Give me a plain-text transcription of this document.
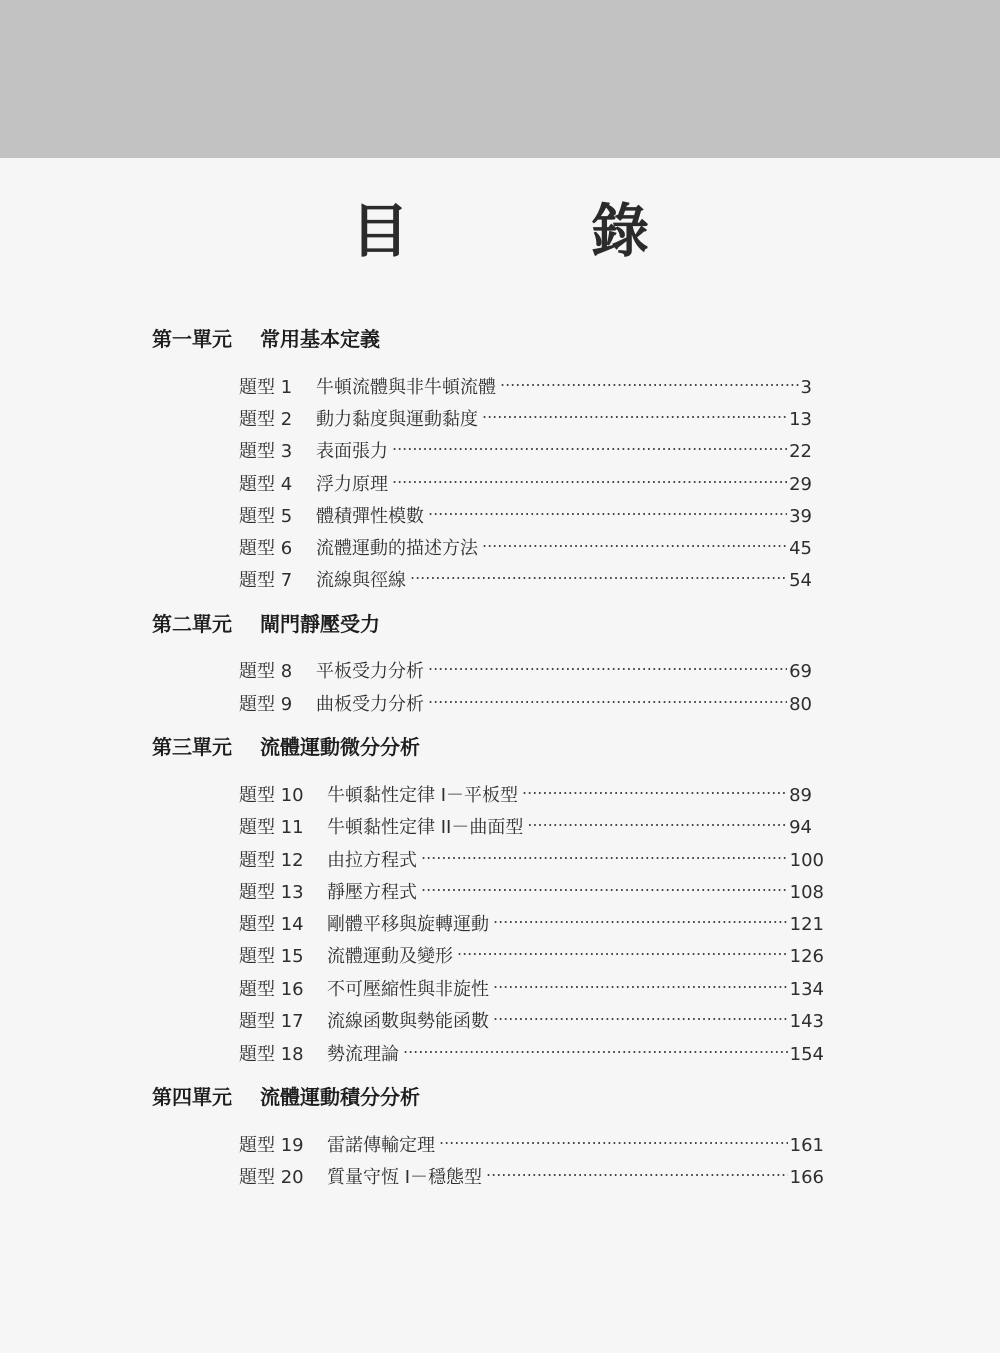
目　錄
第一單元 常用基本定義
題型 1	牛頓流體與非牛頓流體 .....	3
題型 2	動力黏度與運動黏度 .....	13
題型 3	表面張力 .....	22
題型 4	浮力原理 .....	29
題型 5	體積彈性模數 .....	39
題型 6	流體運動的描述方法 .....	45
題型 7	流線與徑線 .....	54
第二單元 閘門靜壓受力
題型 8	平板受力分析 .....	69
題型 9	曲板受力分析 .....	80
第三單元 流體運動微分分析
題型 10	牛頓黏性定律 I－平板型 .....	89
題型 11	牛頓黏性定律 II－曲面型 .....	94
題型 12	由拉方程式 .....	100
題型 13	靜壓方程式 .....	108
題型 14	剛體平移與旋轉運動 .....	121
題型 15	流體運動及變形 .....	126
題型 16	不可壓縮性與非旋性 .....	134
題型 17	流線函數與勢能函數 .....	143
題型 18	勢流理論 .....	154
第四單元 流體運動積分分析
題型 19	雷諾傳輸定理 .....	161
題型 20	質量守恆 I－穩態型 .....	166
